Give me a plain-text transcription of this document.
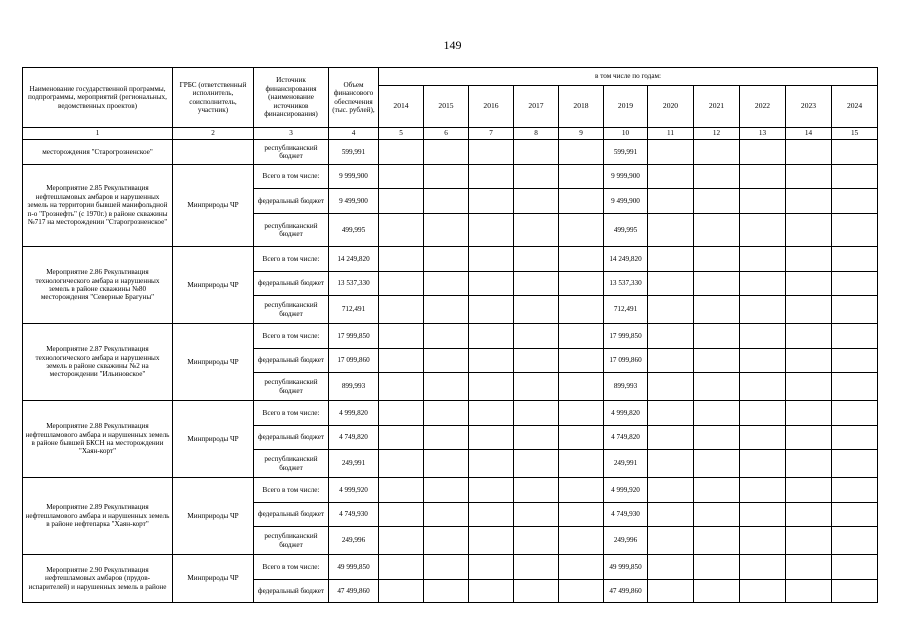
149
Наименование государственной программы, подпрограммы, мероприятий (региональных, ведомственных проектов)	ГРБС (ответственный исполнитель, соисполнитель, участник)	Источник финансирования (наименование источников финансирования)	Объем финансового обеспечения (тыс. рублей),	в том числе по годам:										
				2014	2015	2016	2017	2018	2019	2020	2021	2022	2023	2024
1	2	3	4	5	6	7	8	9	10	11	12	13	14	15
месторождения "Старогрозненское"		республиканский бюджет	599,991						599,991					
Мероприятие 2.85 Рекультивация нефтешламовых амбаров и нарушенных земель на территории бывшей манифольдной п-о "Грознефть" (с 1970г.) в районе скважины №717 на месторождении "Старогрозненское"	Минприроды ЧР	Всего в том числе:	9 999,900						9 999,900					
		федеральный бюджет	9 499,900						9 499,900					
		республиканский бюджет	499,995						499,995					
Мероприятие 2.86 Рекультивация технологического амбара и нарушенных земель в районе скважины №80 месторождения "Северные Брагуны"	Минприроды ЧР	Всего в том числе:	14 249,820						14 249,820					
		федеральный бюджет	13 537,330						13 537,330					
		республиканский бюджет	712,491						712,491					
Мероприятие 2.87 Рекультивация технологического амбара и нарушенных земель в районе скважины №2 на месторождении "Ильиновское"	Минприроды ЧР	Всего в том числе:	17 999,850						17 999,850					
		федеральный бюджет	17 099,860						17 099,860					
		республиканский бюджет	899,993						899,993					
Мероприятие 2.88 Рекультивация нефтешламового амбара и нарушенных земель в районе бывшей БКСН на месторождении "Хаян-корт"	Минприроды ЧР	Всего в том числе:	4 999,820						4 999,820					
		федеральный бюджет	4 749,820						4 749,820					
		республиканский бюджет	249,991						249,991					
Мероприятие 2.89 Рекультивация нефтешламового амбара и нарушенных земель в районе нефтепарка "Хаян-корт"	Минприроды ЧР	Всего в том числе:	4 999,920						4 999,920					
		федеральный бюджет	4 749,930						4 749,930					
		республиканский бюджет	249,996						249,996					
Мероприятие 2.90 Рекультивация нефтешламовых амбаров (прудов-испарителей) и нарушенных земель в районе	Минприроды ЧР	Всего в том числе:	49 999,850						49 999,850					
		федеральный бюджет	47 499,860						47 499,860					
